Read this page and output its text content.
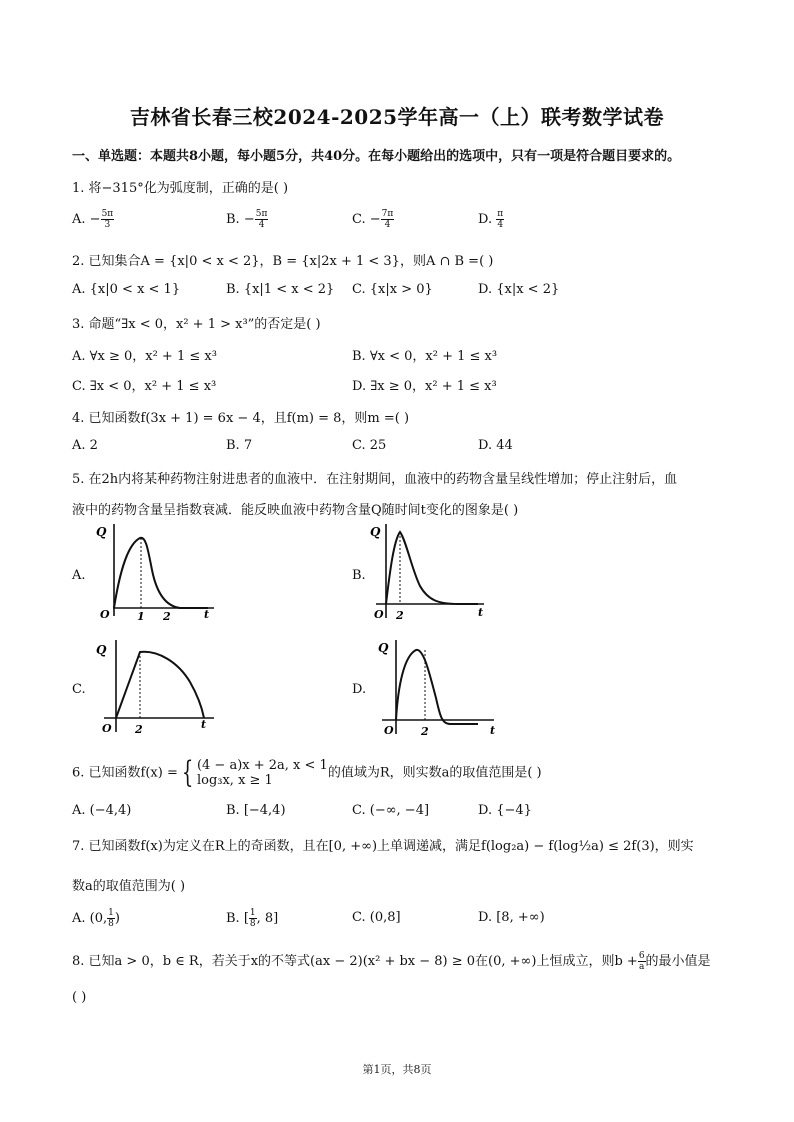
吉林省长春三校2024-2025学年高一（上）联考数学试卷
一、单选题：本题共8小题，每小题5分，共40分。在每小题给出的选项中，只有一项是符合题目要求的。
1. 将−315°化为弧度制，正确的是( )
A. − $\frac{5\pi}{3}$	B. − $\frac{5\pi}{4}$	C. − $\frac{7\pi}{4}$	D. $\frac{\pi}{4}$
2. 已知集合A = {x|0 < x < 2}，B = {x|2x + 1 < 3}，则A ∩ B =( )
A. {x|0 < x < 1}	B. {x|1 < x < 2} C. {x|x > 0}	D. {x|x < 2}
3. 命题“∃x < 0，x² + 1 > x³”的否定是( )
A. ∀x ≥ 0，x² + 1 ≤ x³	B. ∀x < 0，x² + 1 ≤ x³
C. ∃x < 0，x² + 1 ≤ x³	D. ∃x ≥ 0，x² + 1 ≤ x³
4. 已知函数f(3x + 1) = 6x − 4，且f(m) = 8，则m =( )
A. 2	B. 7	C. 25	D. 44
5. 在2h内将某种药物注射进患者的血液中．在注射期间，血液中的药物含量呈线性增加；停止注射后，血
液中的药物含量呈指数衰减．能反映血液中药物含量Q随时间t变化的图象是( )
A.
Q
t
O 1 2
B.
Q
t
O 2
C.
Q
t
O 2
D.
Q
t
O 2
6. 已知函数f(x) = { (4 − a)x + 2a, x < 1
log₃x, x ≥ 1	的值域为R，则实数a的取值范围是( )
A. (−4,4)	B. [−4,4)	C. (−∞, −4]	D. {−4}
7. 已知函数f(x)为定义在R上的奇函数，且在[0, +∞)上单调递减，满足f(log₂a) − f(log½a) ≤ 2f(3)，则实
数a的取值范围为( )
A. (0, $\frac{1}{8}$ )	B. [ $\frac{1}{8}$ , 8]	C. (0,8]	D. [8, +∞)
8. 已知a > 0，b ∈ R，若关于x的不等式(ax − 2)(x² + bx − 8) ≥ 0在(0, +∞)上恒成立，则$b + \frac{6}{a}$ 的最小值是
( )
第1页，共8页
